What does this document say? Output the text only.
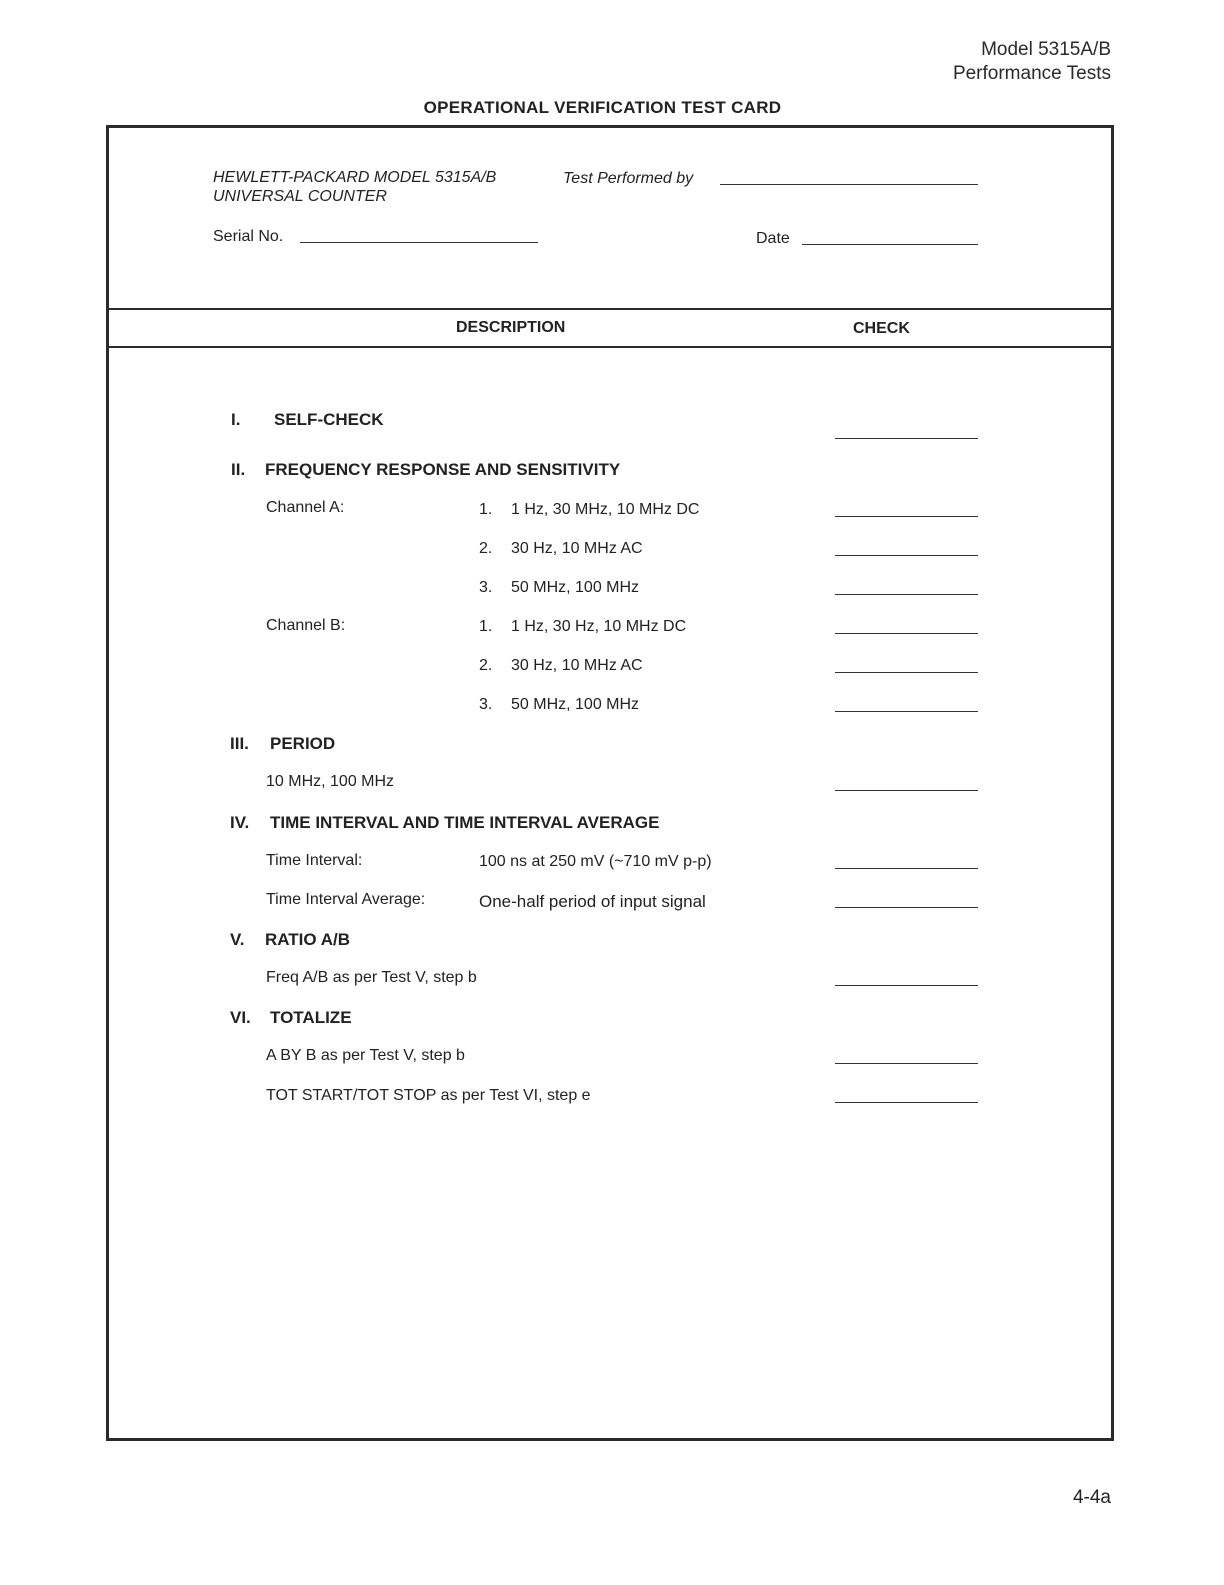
Model 5315A/B
Performance Tests
OPERATIONAL VERIFICATION TEST CARD
HEWLETT-PACKARD MODEL 5315A/B
UNIVERSAL COUNTER
Test Performed by
Serial No.	Date
DESCRIPTION	CHECK
I. SELF-CHECK
II. FREQUENCY RESPONSE AND SENSITIVITY
Channel A:	1. 1 Hz, 30 MHz, 10 MHz DC
2. 30 Hz, 10 MHz AC
3. 50 MHz, 100 MHz
Channel B:	1. 1 Hz, 30 Hz, 10 MHz DC
2. 30 Hz, 10 MHz AC
3. 50 MHz, 100 MHz
III. PERIOD
10 MHz, 100 MHz
IV. TIME INTERVAL AND TIME INTERVAL AVERAGE
Time Interval:	100 ns at 250 mV (~710 mV p-p)
Time Interval Average:	One-half period of input signal
V. RATIO A/B
Freq A/B as per Test V, step b
VI. TOTALIZE
A BY B as per Test V, step b
TOT START/TOT STOP as per Test VI, step e
4-4a
